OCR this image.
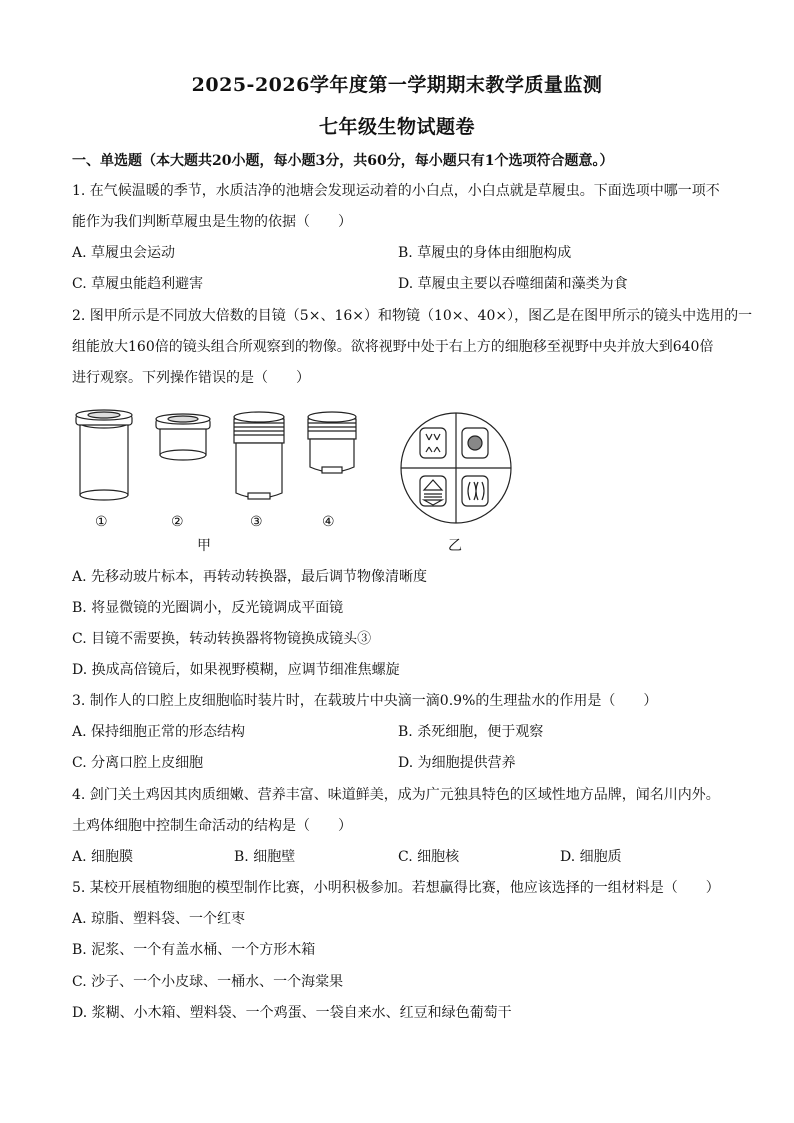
2025-2026学年度第一学期期末教学质量监测
七年级生物试题卷
一、单选题（本大题共20小题，每小题3分，共60分，每小题只有1个选项符合题意。）
1. 在气候温暖的季节，水质洁净的池塘会发现运动着的小白点，小白点就是草履虫。下面选项中哪一项不
能作为我们判断草履虫是生物的依据（　　）
A. 草履虫会运动	B. 草履虫的身体由细胞构成
C. 草履虫能趋利避害	D. 草履虫主要以吞噬细菌和藻类为食
2. 图甲所示是不同放大倍数的目镜（5×、16×）和物镜（10×、40×），图乙是在图甲所示的镜头中选用的一
组能放大160倍的镜头组合所观察到的物像。欲将视野中处于右上方的细胞移至视野中央并放大到640倍
进行观察。下列操作错误的是（　　）
①	②	③	④
甲	乙
A. 先移动玻片标本，再转动转换器，最后调节物像清晰度
B. 将显微镜的光圈调小，反光镜调成平面镜
C. 目镜不需要换，转动转换器将物镜换成镜头③
D. 换成高倍镜后，如果视野模糊，应调节细准焦螺旋
3. 制作人的口腔上皮细胞临时装片时，在载玻片中央滴一滴0.9%的生理盐水的作用是（　　）
A. 保持细胞正常的形态结构	B. 杀死细胞，便于观察
C. 分离口腔上皮细胞	D. 为细胞提供营养
4. 剑门关土鸡因其肉质细嫩、营养丰富、味道鲜美，成为广元独具特色的区域性地方品牌，闻名川内外。
土鸡体细胞中控制生命活动的结构是（　　）
A. 细胞膜	B. 细胞壁	C. 细胞核	D. 细胞质
5. 某校开展植物细胞的模型制作比赛，小明积极参加。若想赢得比赛，他应该选择的一组材料是（　　）
A. 琼脂、塑料袋、一个红枣
B. 泥浆、一个有盖水桶、一个方形木箱
C. 沙子、一个小皮球、一桶水、一个海棠果
D. 浆糊、小木箱、塑料袋、一个鸡蛋、一袋自来水、红豆和绿色葡萄干
